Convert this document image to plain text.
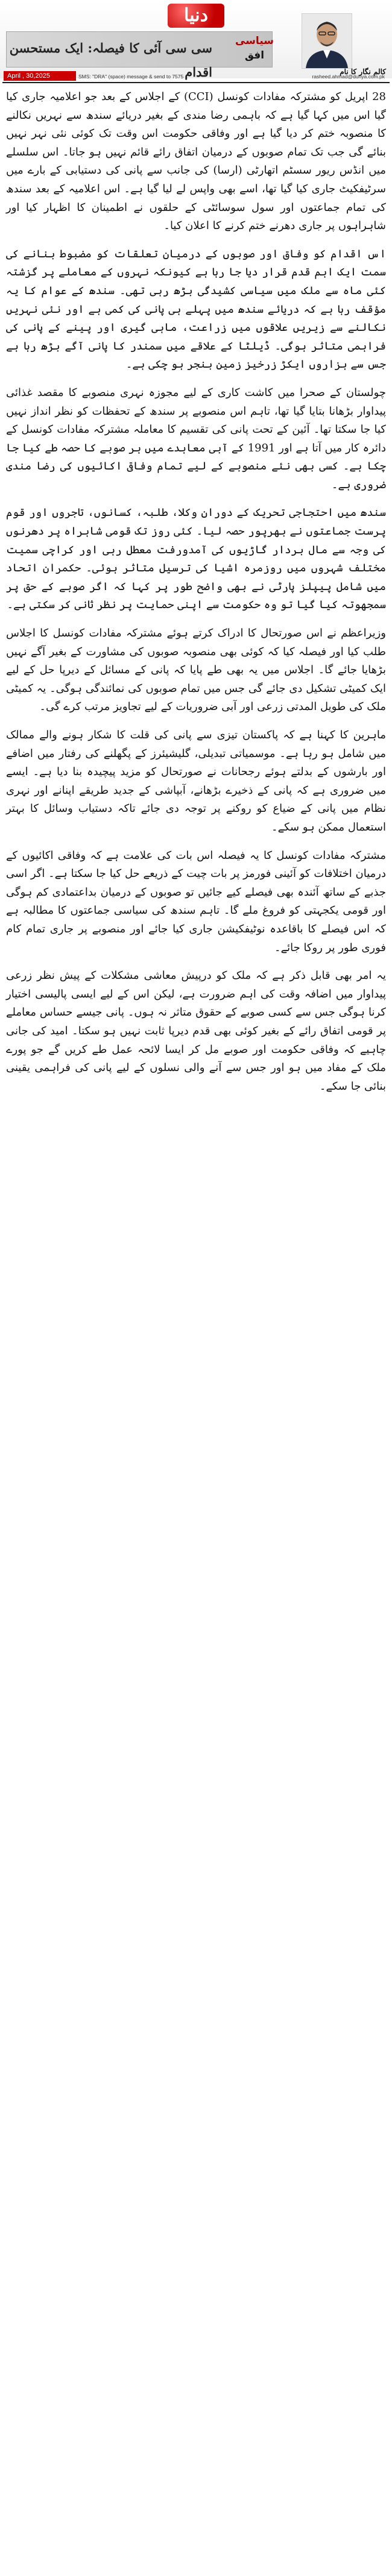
دنیا
سی سی آئی کا فیصلہ: ایک مستحسن اقدام
سیاسی
افق
کالم نگار کا نام
April , 30,2025	SMS: "DRA" (space) message & send to 7575	rasheed.ahmad@dunya.com.pk

28 اپریل کو مشترکہ مفادات کونسل (CCI) کے اجلاس کے بعد جو اعلامیہ جاری کیا گیا اس میں کہا گیا ہے کہ باہمی رضا مندی کے بغیر دریائے سندھ سے نہریں نکالنے کا منصوبہ ختم کر دیا گیا ہے اور وفاقی حکومت اس وقت تک کوئی نئی نہر نہیں بنائے گی جب تک تمام صوبوں کے درمیان اتفاق رائے قائم نہیں ہو جاتا۔ اس سلسلے میں انڈس ریور سسٹم اتھارٹی (ارسا) کی جانب سے پانی کی دستیابی کے بارے میں سرٹیفکیٹ جاری کیا گیا تھا، اسے بھی واپس لے لیا گیا ہے۔ اس اعلامیہ کے بعد سندھ کی تمام جماعتوں اور سول سوسائٹی کے حلقوں نے اطمینان کا اظہار کیا اور شاہراہوں پر جاری دھرنے ختم کرنے کا اعلان کیا۔

اس اقدام کو وفاق اور صوبوں کے درمیان تعلقات کو مضبوط بنانے کی سمت ایک اہم قدم قرار دیا جا رہا ہے کیونکہ نہروں کے معاملے پر گزشتہ کئی ماہ سے ملک میں سیاسی کشیدگی بڑھ رہی تھی۔ سندھ کے عوام کا یہ مؤقف رہا ہے کہ دریائے سندھ میں پہلے ہی پانی کی کمی ہے اور نئی نہریں نکالنے سے زیریں علاقوں میں زراعت، ماہی گیری اور پینے کے پانی کی فراہمی متاثر ہوگی۔ ڈیلٹا کے علاقے میں سمندر کا پانی آگے بڑھ رہا ہے جس سے ہزاروں ایکڑ زرخیز زمین بنجر ہو چکی ہے۔

چولستان کے صحرا میں کاشت کاری کے لیے مجوزہ نہری منصوبے کا مقصد غذائی پیداوار بڑھانا بتایا گیا تھا، تاہم اس منصوبے پر سندھ کے تحفظات کو نظر انداز نہیں کیا جا سکتا تھا۔ آئین کے تحت پانی کی تقسیم کا معاملہ مشترکہ مفادات کونسل کے دائرہ کار میں آتا ہے اور 1991 کے آبی معاہدے میں ہر صوبے کا حصہ طے کیا جا چکا ہے۔ کسی بھی نئے منصوبے کے لیے تمام وفاقی اکائیوں کی رضا مندی ضروری ہے۔

سندھ میں احتجاجی تحریک کے دوران وکلا، طلبہ، کسانوں، تاجروں اور قوم پرست جماعتوں نے بھرپور حصہ لیا۔ کئی روز تک قومی شاہراہ پر دھرنوں کی وجہ سے مال بردار گاڑیوں کی آمدورفت معطل رہی اور کراچی سمیت مختلف شہروں میں روزمرہ اشیا کی ترسیل متاثر ہوئی۔ حکمران اتحاد میں شامل پیپلز پارٹی نے بھی واضح طور پر کہا کہ اگر صوبے کے حق پر سمجھوتہ کیا گیا تو وہ حکومت سے اپنی حمایت پر نظر ثانی کر سکتی ہے۔

وزیراعظم نے اس صورتحال کا ادراک کرتے ہوئے مشترکہ مفادات کونسل کا اجلاس طلب کیا اور فیصلہ کیا کہ کوئی بھی منصوبہ صوبوں کی مشاورت کے بغیر آگے نہیں بڑھایا جائے گا۔ اجلاس میں یہ بھی طے پایا کہ پانی کے مسائل کے دیرپا حل کے لیے ایک کمیٹی تشکیل دی جائے گی جس میں تمام صوبوں کی نمائندگی ہوگی۔ یہ کمیٹی ملک کی طویل المدتی زرعی اور آبی ضروریات کے لیے تجاویز مرتب کرے گی۔

ماہرین کا کہنا ہے کہ پاکستان تیزی سے پانی کی قلت کا شکار ہونے والے ممالک میں شامل ہو رہا ہے۔ موسمیاتی تبدیلی، گلیشیئرز کے پگھلنے کی رفتار میں اضافے اور بارشوں کے بدلتے ہوئے رجحانات نے صورتحال کو مزید پیچیدہ بنا دیا ہے۔ ایسے میں ضروری ہے کہ پانی کے ذخیرے بڑھانے، آبپاشی کے جدید طریقے اپنانے اور نہری نظام میں پانی کے ضیاع کو روکنے پر توجہ دی جائے تاکہ دستیاب وسائل کا بہتر استعمال ممکن ہو سکے۔

مشترکہ مفادات کونسل کا یہ فیصلہ اس بات کی علامت ہے کہ وفاقی اکائیوں کے درمیان اختلافات کو آئینی فورمز پر بات چیت کے ذریعے حل کیا جا سکتا ہے۔ اگر اسی جذبے کے ساتھ آئندہ بھی فیصلے کیے جائیں تو صوبوں کے درمیان بداعتمادی کم ہوگی اور قومی یکجہتی کو فروغ ملے گا۔ تاہم سندھ کی سیاسی جماعتوں کا مطالبہ ہے کہ اس فیصلے کا باقاعدہ نوٹیفکیشن جاری کیا جائے اور منصوبے پر جاری تمام کام فوری طور پر روکا جائے۔

یہ امر بھی قابل ذکر ہے کہ ملک کو درپیش معاشی مشکلات کے پیش نظر زرعی پیداوار میں اضافہ وقت کی اہم ضرورت ہے، لیکن اس کے لیے ایسی پالیسی اختیار کرنا ہوگی جس سے کسی صوبے کے حقوق متاثر نہ ہوں۔ پانی جیسے حساس معاملے پر قومی اتفاق رائے کے بغیر کوئی بھی قدم دیرپا ثابت نہیں ہو سکتا۔ امید کی جانی چاہیے کہ وفاقی حکومت اور صوبے مل کر ایسا لائحہ عمل طے کریں گے جو پورے ملک کے مفاد میں ہو اور جس سے آنے والی نسلوں کے لیے پانی کی فراہمی یقینی بنائی جا سکے۔
